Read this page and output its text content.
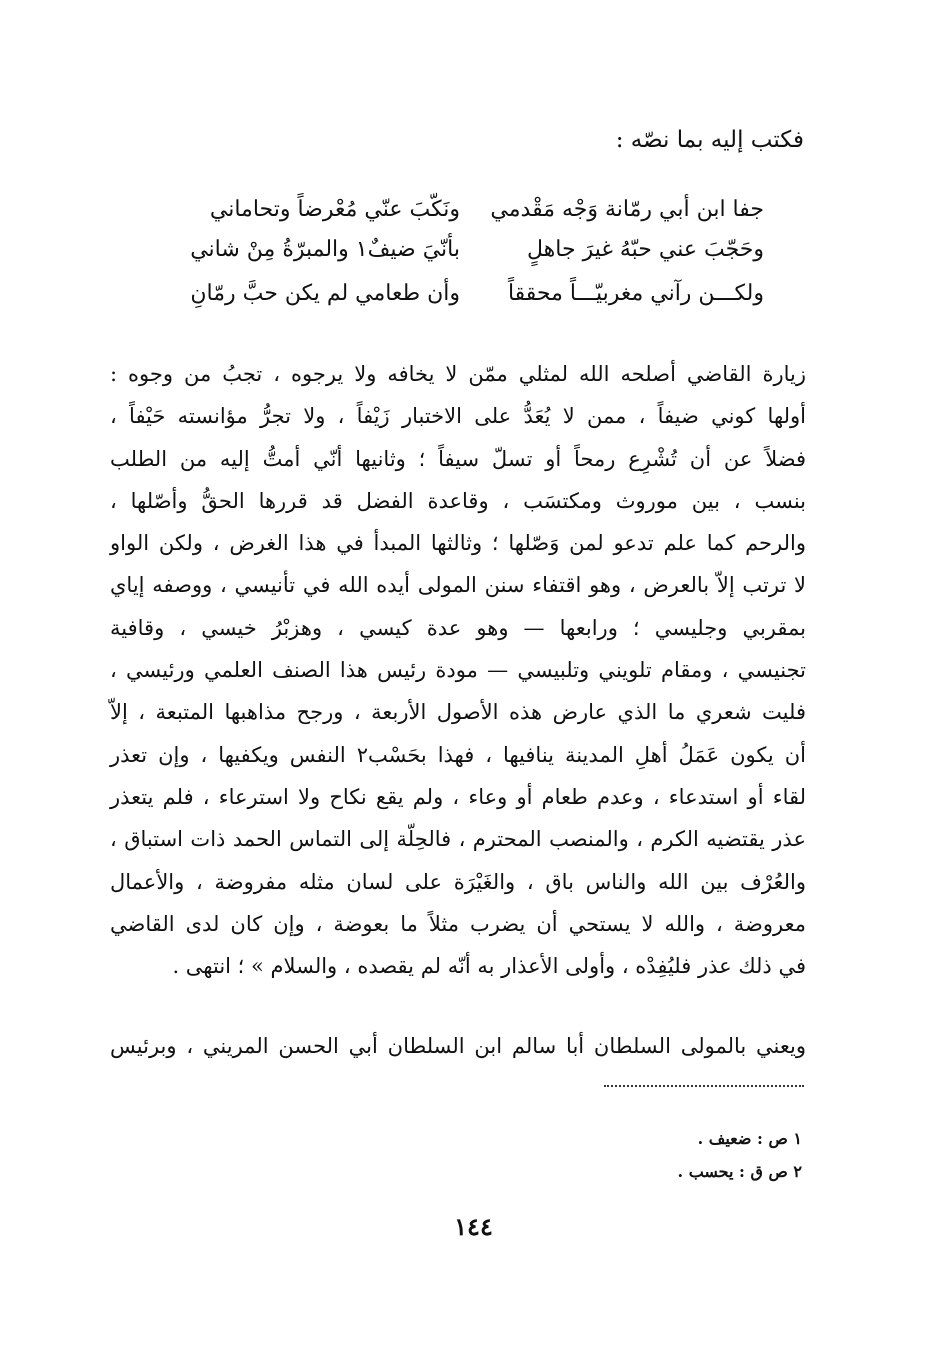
فكتب إليه بما نصّه :
جفا ابن أبي رمّانة وَجْه مَقْدمي
ونَكّبَ عنّي مُعْرضاً وتحاماني
وحَجّبَ عني حبّهُ غيرَ جاهلٍ
بأنّيَ ضيفٌ١ والمبرّةُ مِنْ شاني
ولكـــن رآني مغربيّـــاً محققاً
وأن طعامي لم يكن حبَّ رمّانِ
زيارة القاضي أصلحه الله لمثلي ممّن لا يخافه ولا يرجوه ، تجبُ من وجوه :
أولها كوني ضيفاً ، ممن لا يُعَدُّ على الاختبار زَيْفاً ، ولا تجرُّ مؤانسته حَيْفاً ،
فضلاً عن أن تُشْرِع رمحاً أو تسلّ سيفاً ؛ وثانيها أنّي أمتُّ إليه من الطلب
بنسب ، بين موروث ومكتسَب ، وقاعدة الفضل قد قررها الحقُّ وأصّلها ،
والرحم كما علم تدعو لمن وَصّلها ؛ وثالثها المبدأ في هذا الغرض ، ولكن الواو
لا ترتب إلاّ بالعرض ، وهو اقتفاء سنن المولى أيده الله في تأنيسي ، ووصفه إياي
بمقربي وجليسي ؛ ورابعها — وهو عدة كيسي ، وهزبْرُ خيسي ، وقافية
تجنيسي ، ومقام تلويني وتلبيسي — مودة رئيس هذا الصنف العلمي ورئيسي ،
فليت شعري ما الذي عارض هذه الأصول الأربعة ، ورجح مذاهبها المتبعة ، إلاّ
أن يكون عَمَلُ أهلِ المدينة ينافيها ، فهذا بحَسْب٢ النفس ويكفيها ، وإن تعذر
لقاء أو استدعاء ، وعدم طعام أو وعاء ، ولم يقع نكاح ولا استرعاء ، فلم يتعذر
عذر يقتضيه الكرم ، والمنصب المحترم ، فالحِلّة إلى التماس الحمد ذات استباق ،
والعُرْف بين الله والناس باق ، والغَيْرَة على لسان مثله مفروضة ، والأعمال
معروضة ، والله لا يستحي أن يضرب مثلاً ما بعوضة ، وإن كان لدى القاضي
في ذلك عذر فليُفِدْه ، وأولى الأعذار به أنّه لم يقصده ، والسلام » ؛ انتهى .
ويعني بالمولى السلطان أبا سالم ابن السلطان أبي الحسن المريني ، وبرئيس
١ ص : ضعيف .
٢ ص ق : يحسب .
١٤٤
